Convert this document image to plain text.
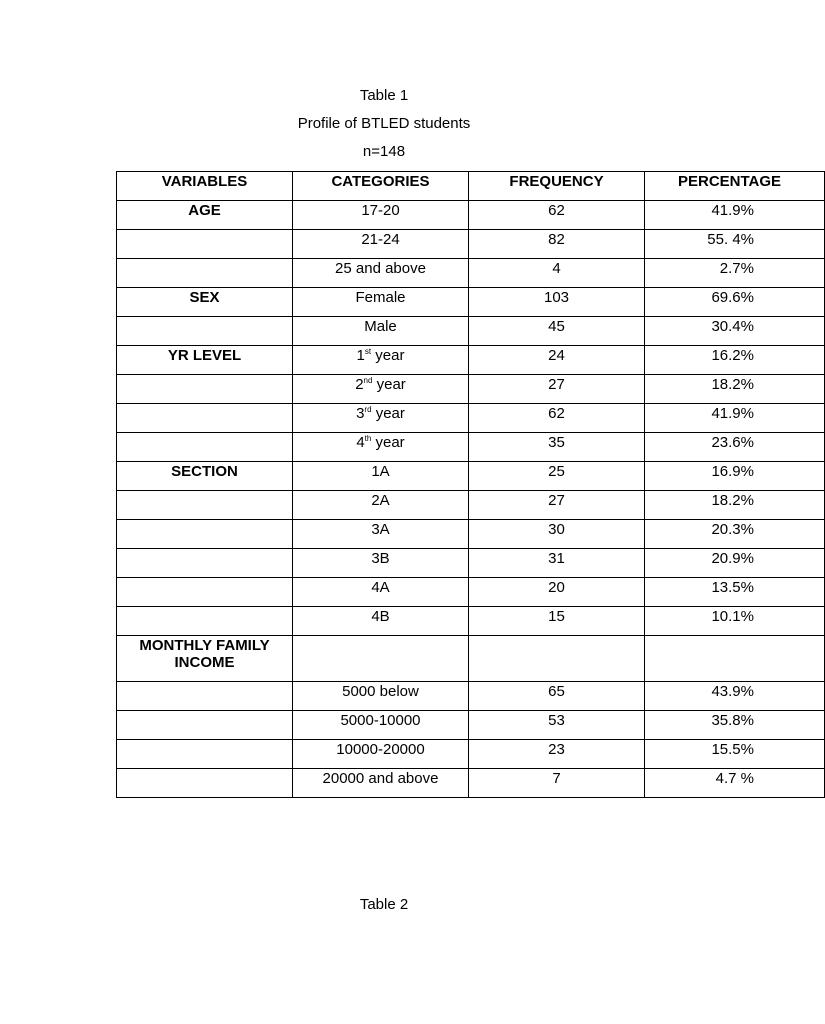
Table 1
Profile of BTLED students
n=148
VARIABLES	CATEGORIES	FREQUENCY	PERCENTAGE
AGE	17-20	62	41.9%
	21-24	82	55. 4%
	25 and above	4	2.7%
SEX	Female	103	69.6%
	Male	45	30.4%
YR LEVEL	1st year	24	16.2%
	2nd year	27	18.2%
	3rd year	62	41.9%
	4th year	35	23.6%
SECTION	1A	25	16.9%
	2A	27	18.2%
	3A	30	20.3%
	3B	31	20.9%
	4A	20	13.5%
	4B	15	10.1%
MONTHLY FAMILY INCOME			
	5000 below	65	43.9%
	5000-10000	53	35.8%
	10000-20000	23	15.5%
	20000 and above	7	4.7 %
Table 2
